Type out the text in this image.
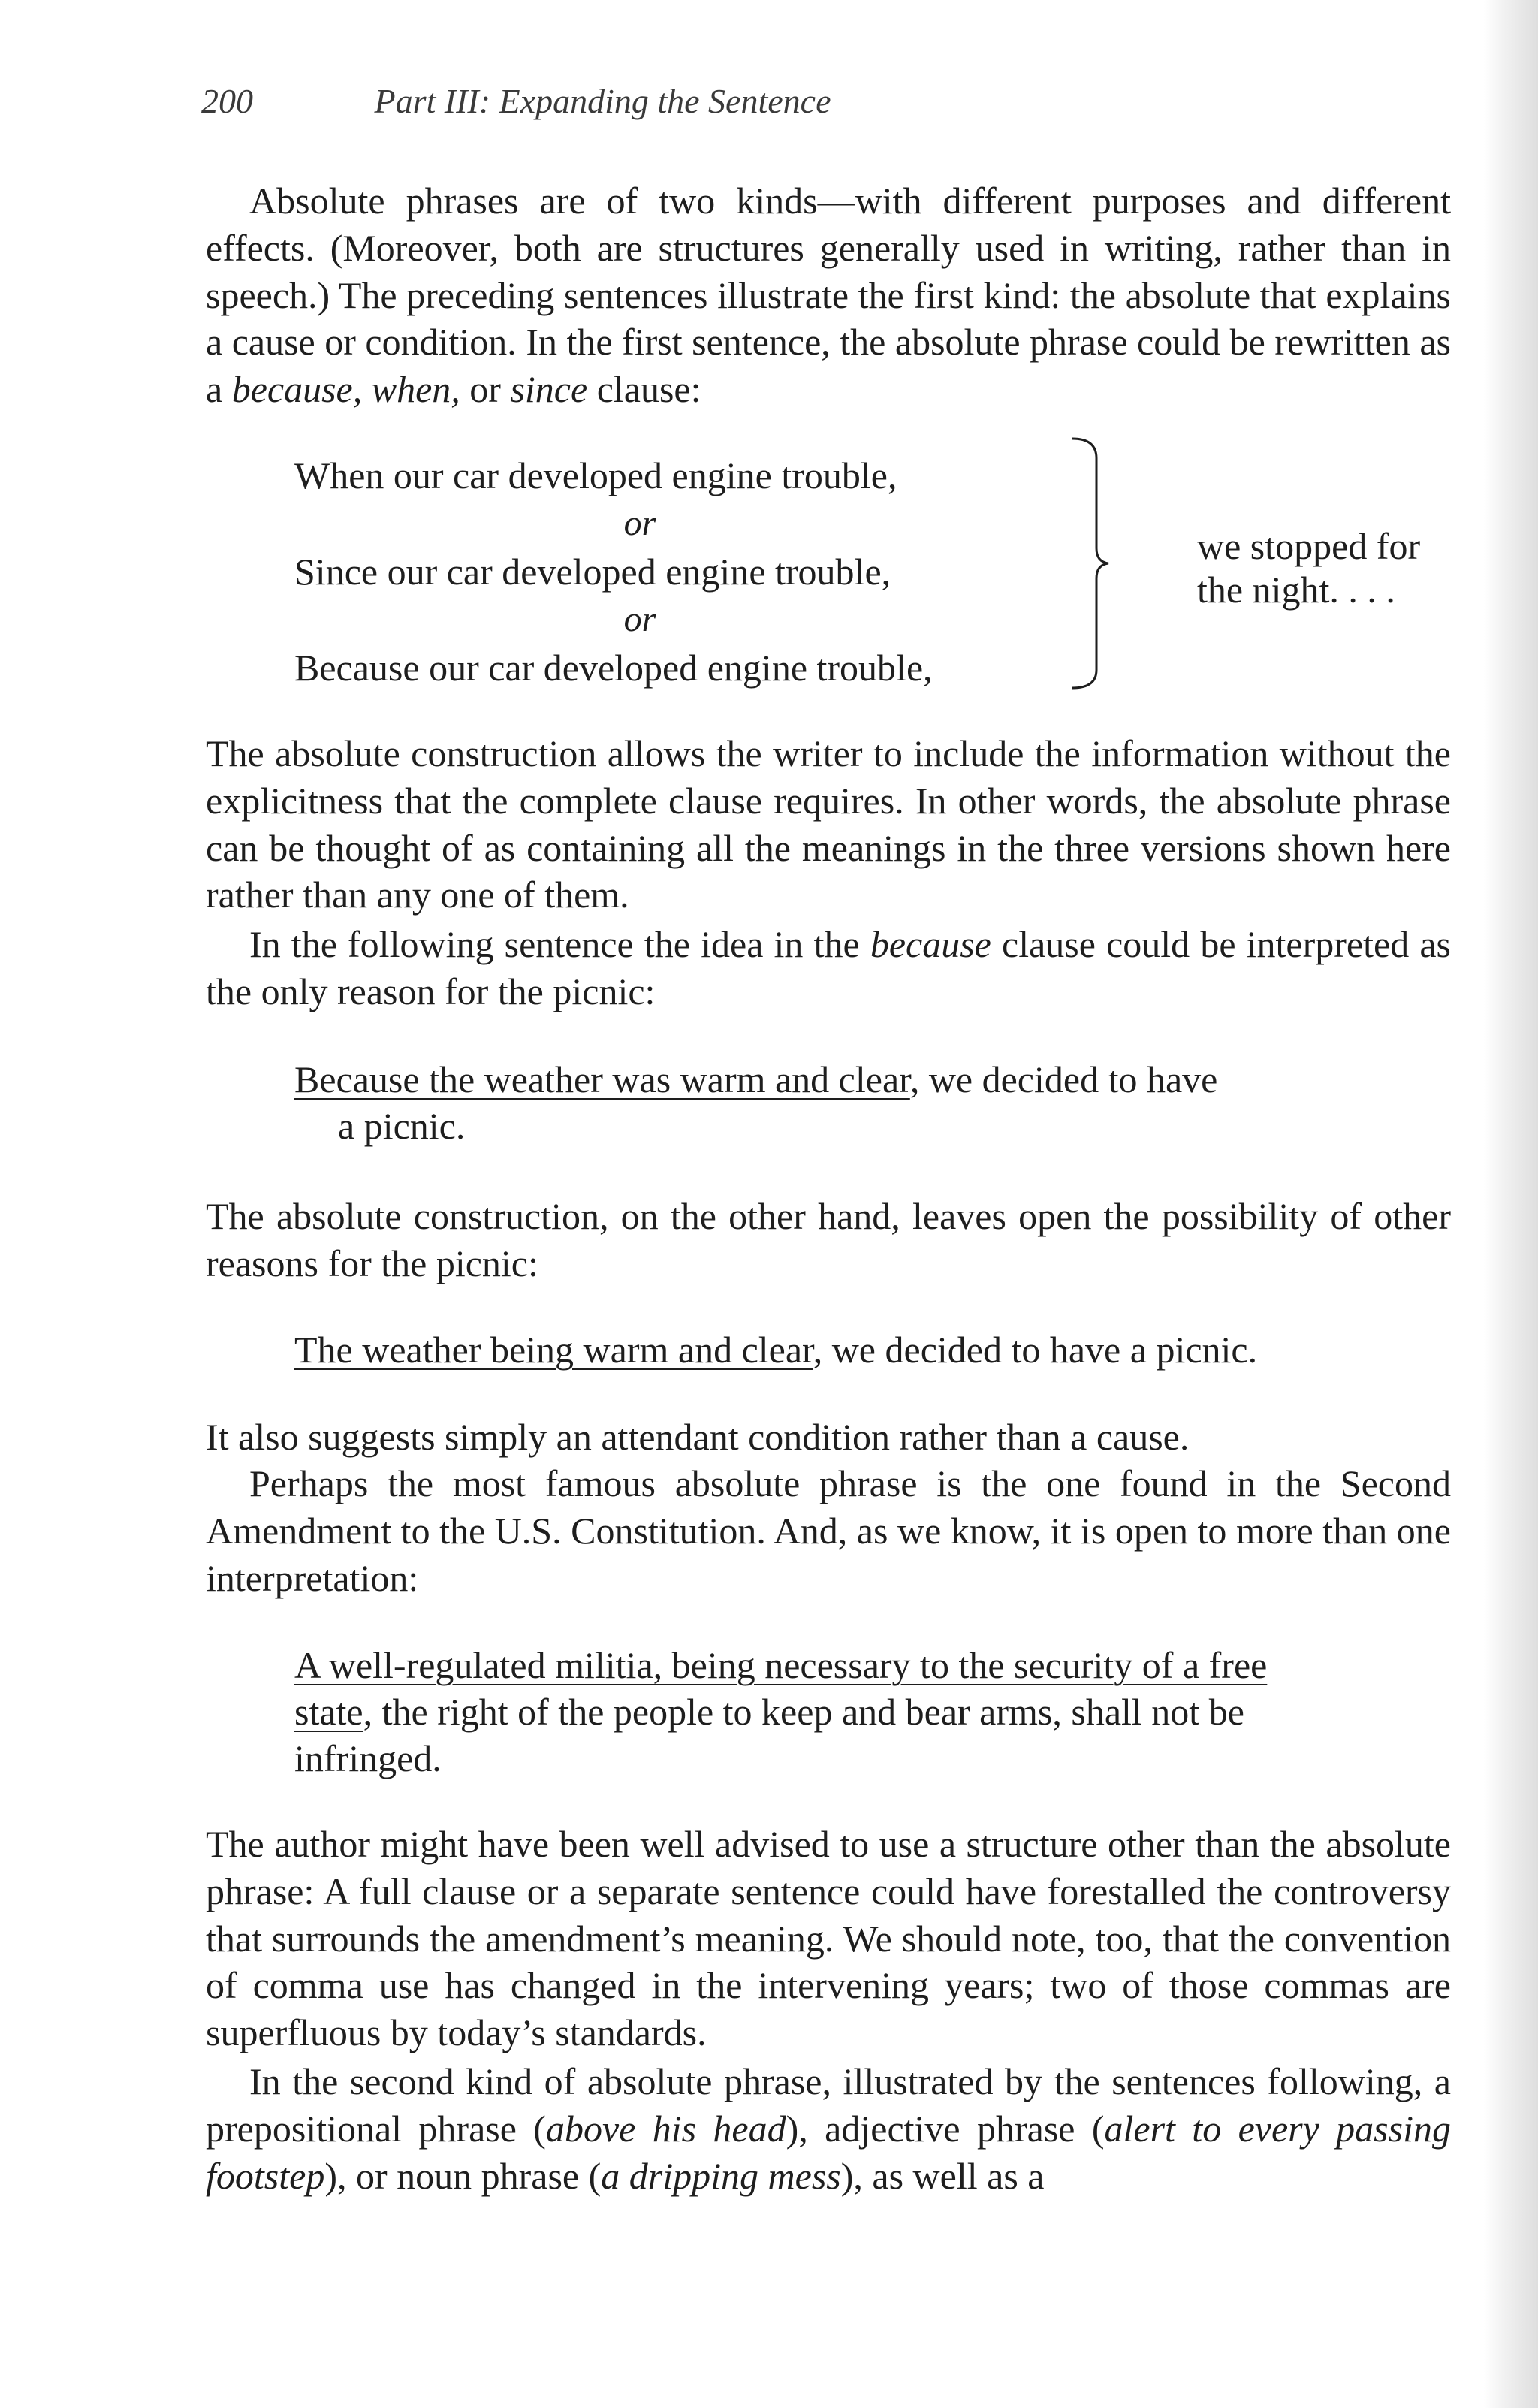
200	Part III: Expanding the Sentence

Absolute phrases are of two kinds—with different purposes and different effects. (Moreover, both are structures generally used in writing, rather than in speech.) The preceding sentences illustrate the first kind: the absolute that explains a cause or condition. In the first sentence, the absolute phrase could be rewritten as a because, when, or since clause:

When our car developed engine trouble,
or
Since our car developed engine trouble,
or
Because our car developed engine trouble,
we stopped for
the night. . . .

The absolute construction allows the writer to include the information without the explicitness that the complete clause requires. In other words, the absolute phrase can be thought of as containing all the meanings in the three versions shown here rather than any one of them.

In the following sentence the idea in the because clause could be interpreted as the only reason for the picnic:

Because the weather was warm and clear, we decided to have
a picnic.

The absolute construction, on the other hand, leaves open the possibility of other reasons for the picnic:

The weather being warm and clear, we decided to have a picnic.

It also suggests simply an attendant condition rather than a cause.

Perhaps the most famous absolute phrase is the one found in the Second Amendment to the U.S. Constitution. And, as we know, it is open to more than one interpretation:

A well-regulated militia, being necessary to the security of a free
state, the right of the people to keep and bear arms, shall not be
infringed.

The author might have been well advised to use a structure other than the absolute phrase: A full clause or a separate sentence could have forestalled the controversy that surrounds the amendment’s meaning. We should note, too, that the convention of comma use has changed in the intervening years; two of those commas are superfluous by today’s standards.

In the second kind of absolute phrase, illustrated by the sentences following, a prepositional phrase (above his head), adjective phrase (alert to every passing footstep), or noun phrase (a dripping mess), as well as a
